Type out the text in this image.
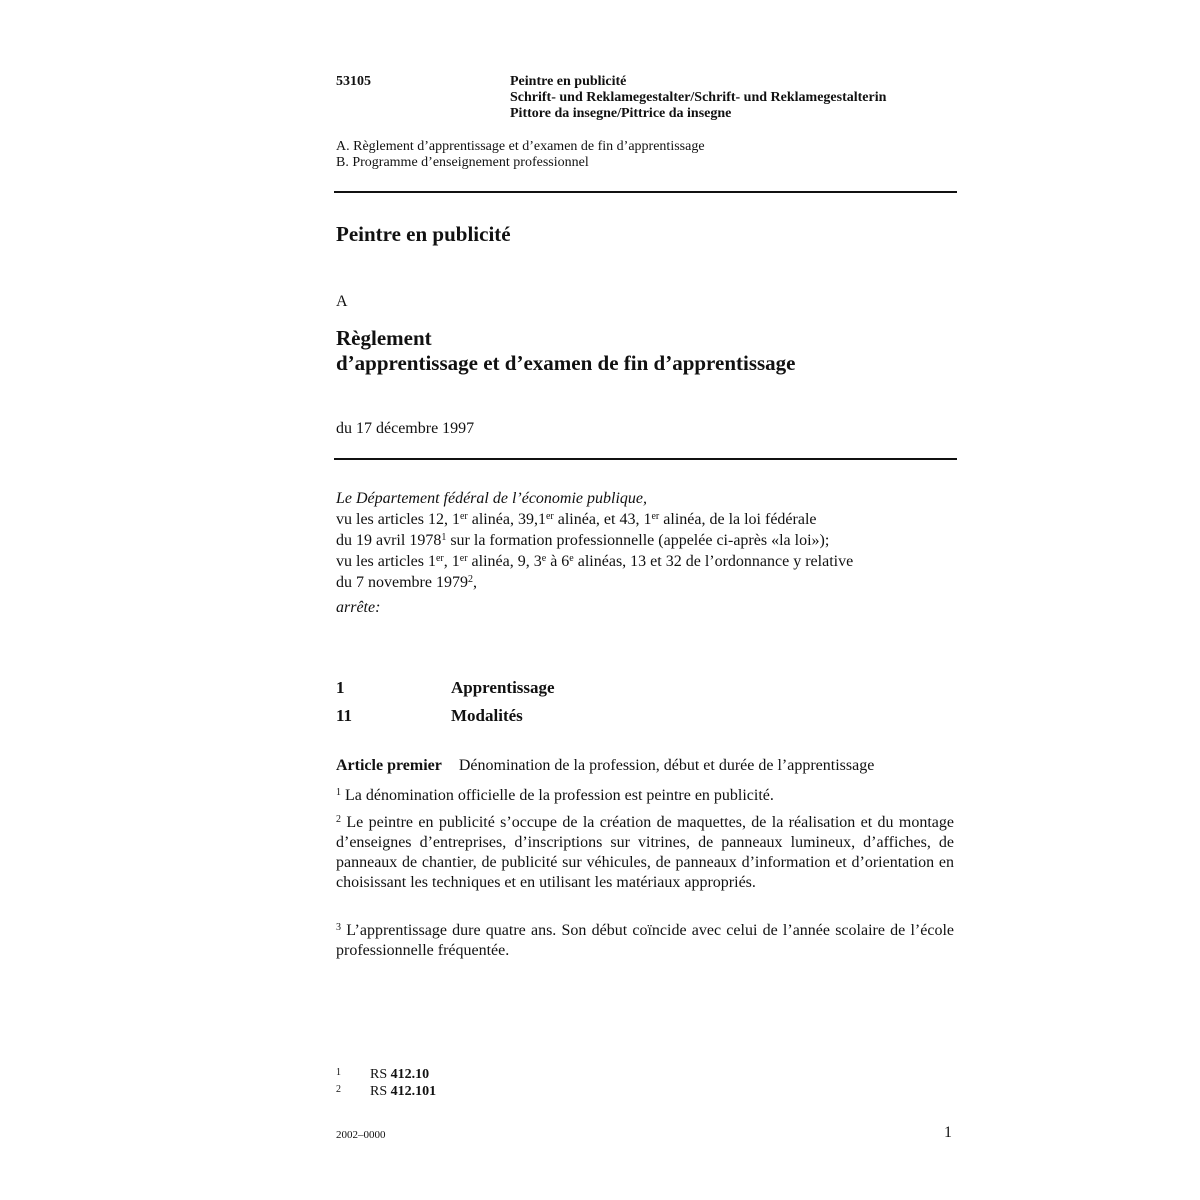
53105	Peintre en publicité
Schrift- und Reklamegestalter/Schrift- und Reklamegestalterin
Pittore da insegne/Pittrice da insegne
A. Règlement d’apprentissage et d’examen de fin d’apprentissage
B. Programme d’enseignement professionnel
Peintre en publicité
A
Règlement
d’apprentissage et d’examen de fin d’apprentissage
du 17 décembre 1997
Le Département fédéral de l’économie publique,
vu les articles 12, 1er alinéa, 39,1er alinéa, et 43, 1er alinéa, de la loi fédérale
du 19 avril 1978$^1$ sur la formation professionnelle (appelée ci-après «la loi»);
vu les articles 1er, 1er alinéa, 9, 3e à 6e alinéas, 13 et 32 de l’ordonnance y relative
du 7 novembre 1979$^2$,
arrête:
1	Apprentissage
11	Modalités
Article premier Dénomination de la profession, début et durée de l’apprentissage
$^1$ La dénomination officielle de la profession est peintre en publicité.
$^2$ Le peintre en publicité s’occupe de la création de maquettes, de la réalisation et du montage d’enseignes d’entreprises, d’inscriptions sur vitrines, de panneaux lumineux, d’affiches, de panneaux de chantier, de publicité sur véhicules, de panneaux d’information et d’orientation en choisissant les techniques et en utilisant les matériaux appropriés.
$^3$ L’apprentissage dure quatre ans. Son début coïncide avec celui de l’année scolaire de l’école professionnelle fréquentée.
1 RS 412.10
2 RS 412.101
2002–0000	1
